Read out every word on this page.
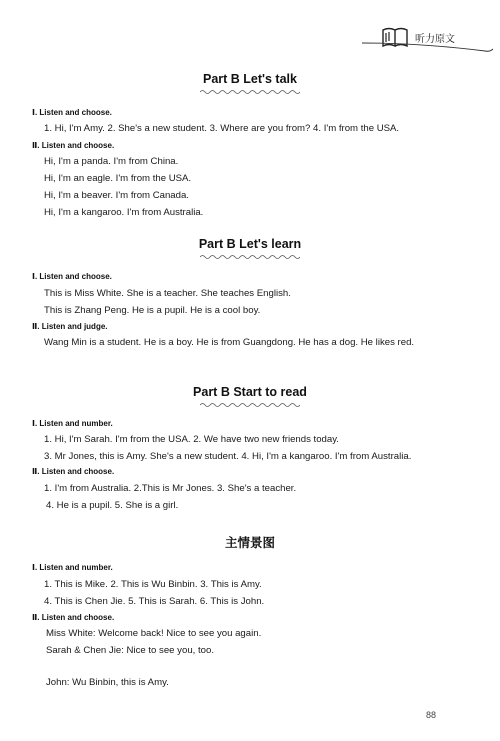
听力原文
Part B Let's talk
Ⅰ. Listen and choose.
1. Hi, I'm Amy. 2. She's a new student. 3. Where are you from? 4. I'm from the USA.
Ⅱ. Listen and choose.
Hi, I'm a panda. I'm from China.
Hi, I'm an eagle. I'm from the USA.
Hi, I'm a beaver. I'm from Canada.
Hi, I'm a kangaroo. I'm from Australia.
Part B Let's learn
Ⅰ. Listen and choose.
This is Miss White. She is a teacher. She teaches English.
This is Zhang Peng. He is a pupil. He is a cool boy.
Ⅱ. Listen and judge.
Wang Min is a student. He is a boy. He is from Guangdong. He has a dog. He likes red.
Part B Start to read
Ⅰ. Listen and number.
1. Hi, I'm Sarah. I'm from the USA. 2. We have two new friends today.
3. Mr Jones, this is Amy. She's a new student. 4. Hi, I'm a kangaroo. I'm from Australia.
Ⅱ. Listen and choose.
1. I'm from Australia. 2.This is Mr Jones. 3. She's a teacher.
4. He is a pupil. 5. She is a girl.
主情景图
Ⅰ. Listen and number.
1. This is Mike. 2. This is Wu Binbin. 3. This is Amy.
4. This is Chen Jie. 5. This is Sarah. 6. This is John.
Ⅱ. Listen and choose.
Miss White: Welcome back! Nice to see you again.
Sarah & Chen Jie: Nice to see you, too.
John: Wu Binbin, this is Amy.
88
